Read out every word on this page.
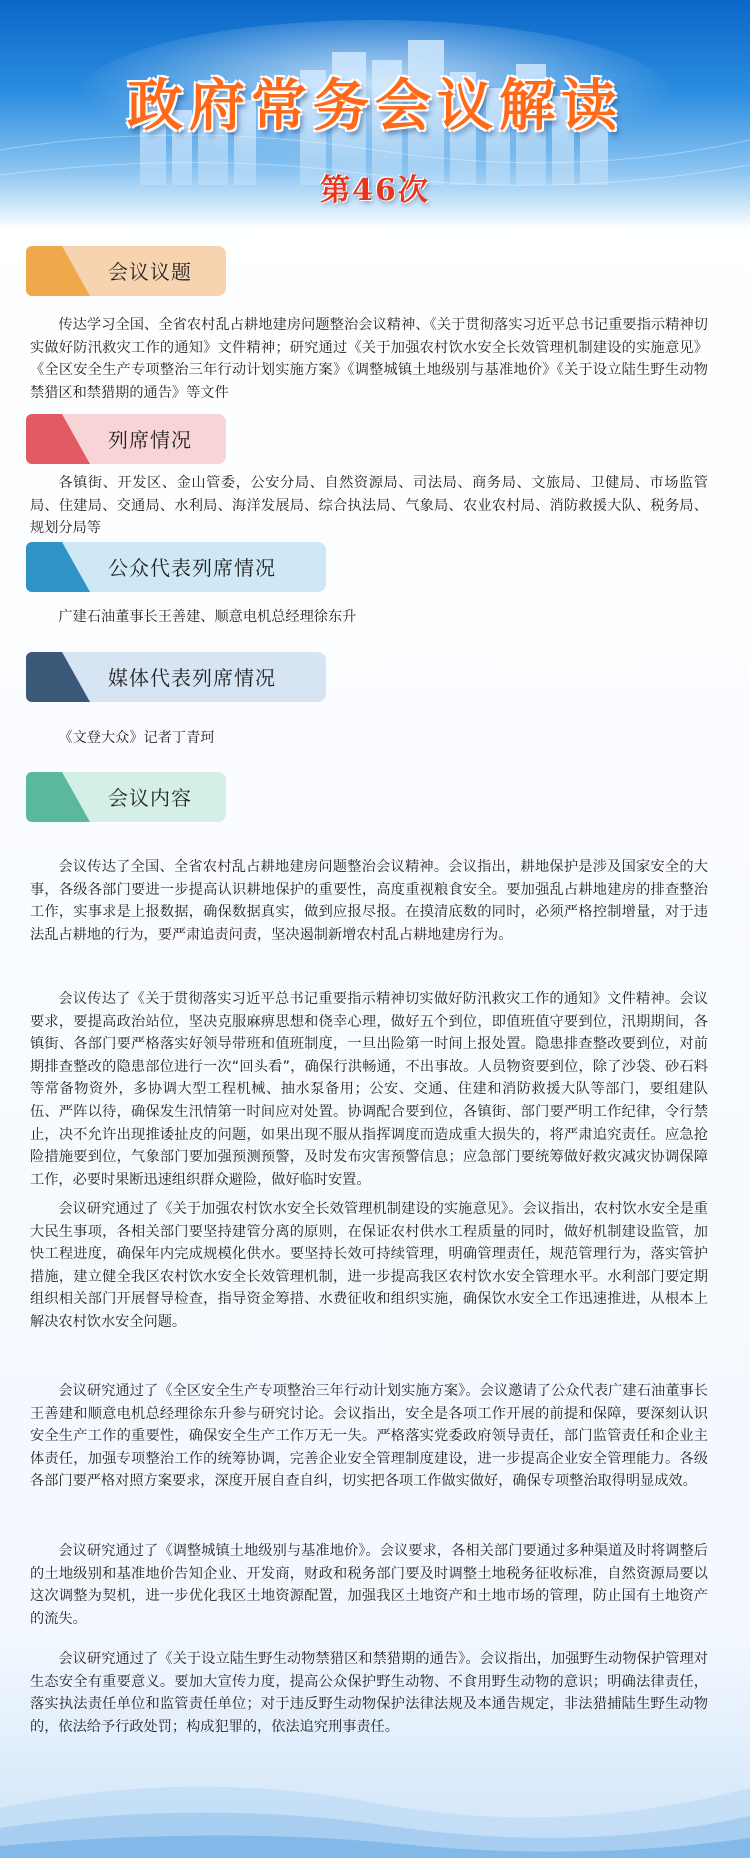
政府常务会议解读
第46次
会议议题
传达学习全国、全省农村乱占耕地建房问题整治会议精神、《关于贯彻落实习近平总书记重要指示精神切实做好防汛救灾工作的通知》文件精神；研究通过《关于加强农村饮水安全长效管理机制建设的实施意见》《全区安全生产专项整治三年行动计划实施方案》《调整城镇土地级别与基准地价》《关于设立陆生野生动物禁猎区和禁猎期的通告》等文件
列席情况
各镇街、开发区、金山管委，公安分局、自然资源局、司法局、商务局、文旅局、卫健局、市场监管局、住建局、交通局、水利局、海洋发展局、综合执法局、气象局、农业农村局、消防救援大队、税务局、规划分局等
公众代表列席情况
广建石油董事长王善建、顺意电机总经理徐东升
媒体代表列席情况
《文登大众》记者丁青珂
会议内容
会议传达了全国、全省农村乱占耕地建房问题整治会议精神。会议指出，耕地保护是涉及国家安全的大事，各级各部门要进一步提高认识耕地保护的重要性，高度重视粮食安全。要加强乱占耕地建房的排查整治工作，实事求是上报数据，确保数据真实，做到应报尽报。在摸清底数的同时，必须严格控制增量，对于违法乱占耕地的行为，要严肃追责问责，坚决遏制新增农村乱占耕地建房行为。
会议传达了《关于贯彻落实习近平总书记重要指示精神切实做好防汛救灾工作的通知》文件精神。会议要求，要提高政治站位，坚决克服麻痹思想和侥幸心理，做好五个到位，即值班值守要到位，汛期期间，各镇街、各部门要严格落实好领导带班和值班制度，一旦出险第一时间上报处置。隐患排查整改要到位，对前期排查整改的隐患部位进行一次“回头看”，确保行洪畅通，不出事故。人员物资要到位，除了沙袋、砂石料等常备物资外，多协调大型工程机械、抽水泵备用；公安、交通、住建和消防救援大队等部门，要组建队伍、严阵以待，确保发生汛情第一时间应对处置。协调配合要到位，各镇街、部门要严明工作纪律，令行禁止，决不允许出现推诿扯皮的问题，如果出现不服从指挥调度而造成重大损失的，将严肃追究责任。应急抢险措施要到位，气象部门要加强预测预警，及时发布灾害预警信息；应急部门要统筹做好救灾减灾协调保障工作，必要时果断迅速组织群众避险，做好临时安置。
会议研究通过了《关于加强农村饮水安全长效管理机制建设的实施意见》。会议指出，农村饮水安全是重大民生事项，各相关部门要坚持建管分离的原则，在保证农村供水工程质量的同时，做好机制建设监管，加快工程进度，确保年内完成规模化供水。要坚持长效可持续管理，明确管理责任，规范管理行为，落实管护措施，建立健全我区农村饮水安全长效管理机制，进一步提高我区农村饮水安全管理水平。水利部门要定期组织相关部门开展督导检查，指导资金筹措、水费征收和组织实施，确保饮水安全工作迅速推进，从根本上解决农村饮水安全问题。
会议研究通过了《全区安全生产专项整治三年行动计划实施方案》。会议邀请了公众代表广建石油董事长王善建和顺意电机总经理徐东升参与研究讨论。会议指出，安全是各项工作开展的前提和保障，要深刻认识安全生产工作的重要性，确保安全生产工作万无一失。严格落实党委政府领导责任，部门监管责任和企业主体责任，加强专项整治工作的统筹协调，完善企业安全管理制度建设，进一步提高企业安全管理能力。各级各部门要严格对照方案要求，深度开展自查自纠，切实把各项工作做实做好，确保专项整治取得明显成效。
会议研究通过了《调整城镇土地级别与基准地价》。会议要求，各相关部门要通过多种渠道及时将调整后的土地级别和基准地价告知企业、开发商，财政和税务部门要及时调整土地税务征收标准，自然资源局要以这次调整为契机，进一步优化我区土地资源配置，加强我区土地资产和土地市场的管理，防止国有土地资产的流失。
会议研究通过了《关于设立陆生野生动物禁猎区和禁猎期的通告》。会议指出，加强野生动物保护管理对生态安全有重要意义。要加大宣传力度，提高公众保护野生动物、不食用野生动物的意识；明确法律责任，落实执法责任单位和监管责任单位；对于违反野生动物保护法律法规及本通告规定，非法猎捕陆生野生动物的，依法给予行政处罚；构成犯罪的，依法追究刑事责任。
